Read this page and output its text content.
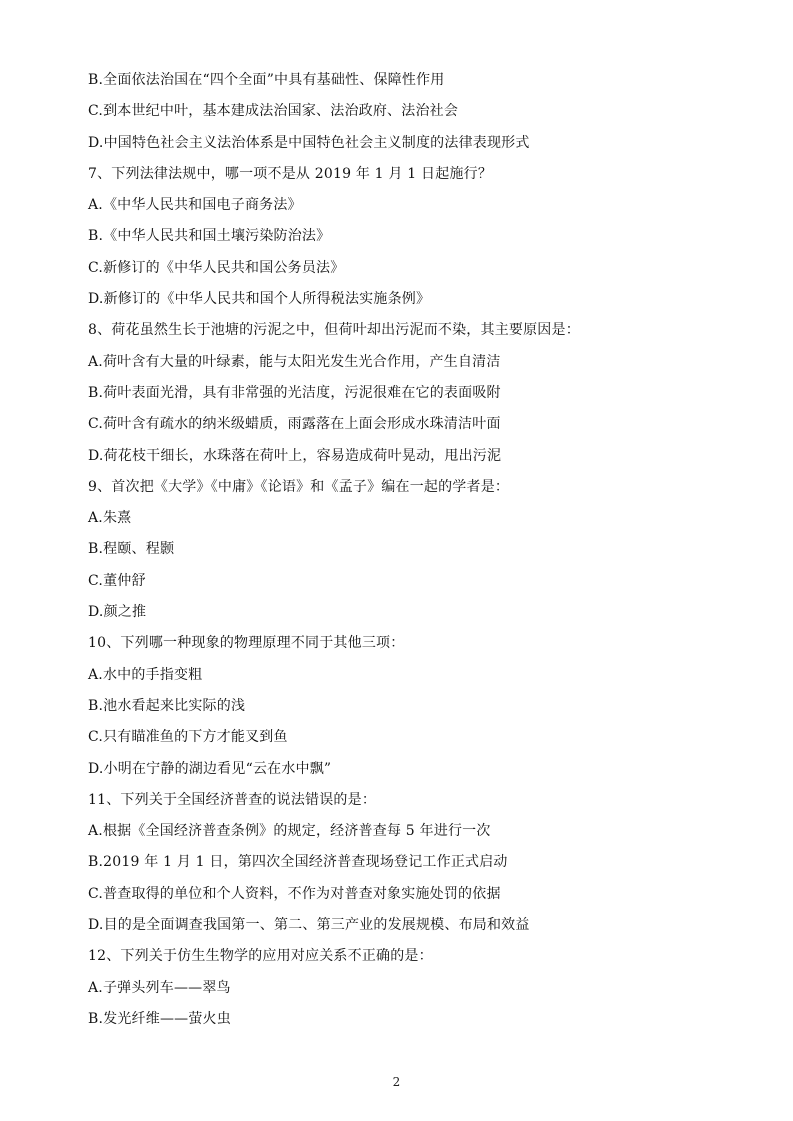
B.全面依法治国在“四个全面”中具有基础性、保障性作用
C.到本世纪中叶，基本建成法治国家、法治政府、法治社会
D.中国特色社会主义法治体系是中国特色社会主义制度的法律表现形式
7、下列法律法规中，哪一项不是从 2019 年 1 月 1 日起施行？
A.《中华人民共和国电子商务法》
B.《中华人民共和国土壤污染防治法》
C.新修订的《中华人民共和国公务员法》
D.新修订的《中华人民共和国个人所得税法实施条例》
8、荷花虽然生长于池塘的污泥之中，但荷叶却出污泥而不染，其主要原因是：
A.荷叶含有大量的叶绿素，能与太阳光发生光合作用，产生自清洁
B.荷叶表面光滑，具有非常强的光洁度，污泥很难在它的表面吸附
C.荷叶含有疏水的纳米级蜡质，雨露落在上面会形成水珠清洁叶面
D.荷花枝干细长，水珠落在荷叶上，容易造成荷叶晃动，甩出污泥
9、首次把《大学》《中庸》《论语》和《孟子》编在一起的学者是：
A.朱熹
B.程颐、程颢
C.董仲舒
D.颜之推
10、下列哪一种现象的物理原理不同于其他三项：
A.水中的手指变粗
B.池水看起来比实际的浅
C.只有瞄准鱼的下方才能叉到鱼
D.小明在宁静的湖边看见“云在水中飘”
11、下列关于全国经济普查的说法错误的是：
A.根据《全国经济普查条例》的规定，经济普查每 5 年进行一次
B.2019 年 1 月 1 日，第四次全国经济普查现场登记工作正式启动
C.普查取得的单位和个人资料，不作为对普查对象实施处罚的依据
D.目的是全面调查我国第一、第二、第三产业的发展规模、布局和效益
12、下列关于仿生生物学的应用对应关系不正确的是：
A.子弹头列车——翠鸟
B.发光纤维——萤火虫
2
